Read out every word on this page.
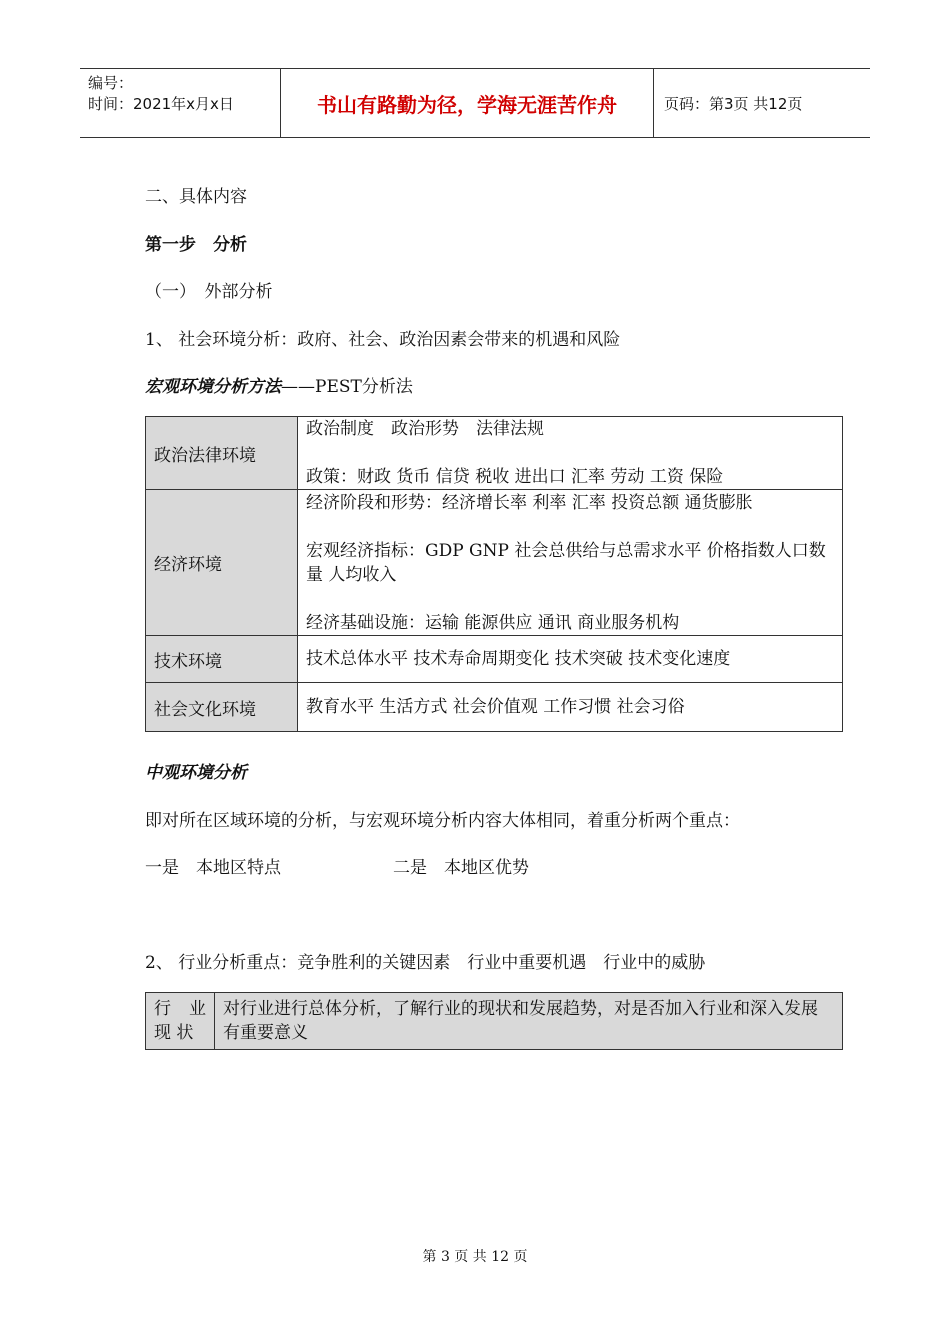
编号：
时间：2021年x月x日	书山有路勤为径，学海无涯苦作舟	页码：第3页 共12页
二、具体内容
第一步　分析
（一）　外部分析
1、 社会环境分析：政府、社会、政治因素会带来的机遇和风险
宏观环境分析方法——PEST分析法
政治法律环境	政治制度　政治形势　法律法规
政策：财政 货币 信贷 税收 进出口 汇率 劳动 工资 保险

经济环境	经济阶段和形势：经济增长率 利率 汇率 投资总额 通货膨胀
宏观经济指标：GDP GNP 社会总供给与总需求水平 价格指数人口数量 人均收入
经济基础设施：运输 能源供应 通讯 商业服务机构

技术环境	技术总体水平 技术寿命周期变化 技术突破 技术变化速度
社会文化环境	教育水平 生活方式 社会价值观 工作习惯 社会习俗
中观环境分析
即对所在区域环境的分析，与宏观环境分析内容大体相同，着重分析两个重点：
一是　本地区特点	二是　本地区优势
2、 行业分析重点：竞争胜利的关键因素　行业中重要机遇　行业中的威胁
行 业 现 状	对行业进行总体分析，了解行业的现状和发展趋势，对是否加入行业和深入发展有重要意义
第 3 页 共 12 页
